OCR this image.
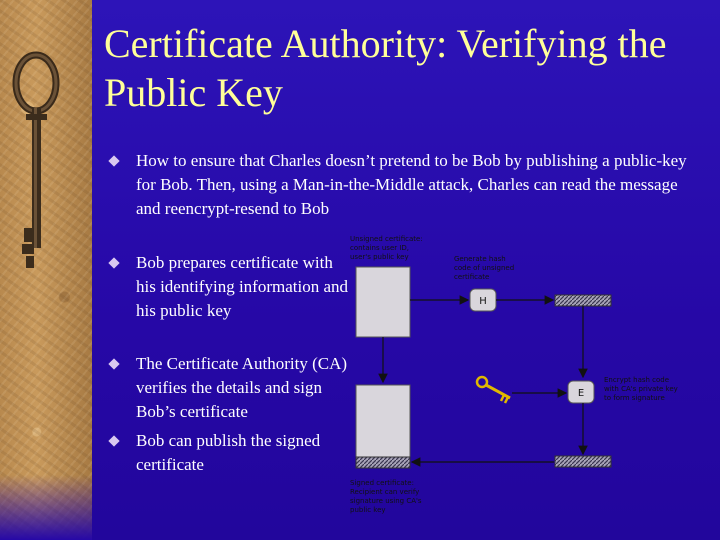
Certificate Authority: Verifying the Public Key
How to ensure that Charles doesn’t pretend to be Bob by publishing a public-key for Bob. Then, using a Man-in-the-Middle attack, Charles can read the message and reencrypt-resend to Bob
Bob prepares certificate with his identifying information and his public key
The Certificate Authority (CA) verifies the details and sign Bob’s certificate
Bob can publish the signed certificate
Unsigned certificate: contains user ID, user's public key	Generate hash code of unsigned certificate
H
Encrypt hash code with CA's private key to form signature
E
Signed certificate: Recipient can verify signature using CA's public key
